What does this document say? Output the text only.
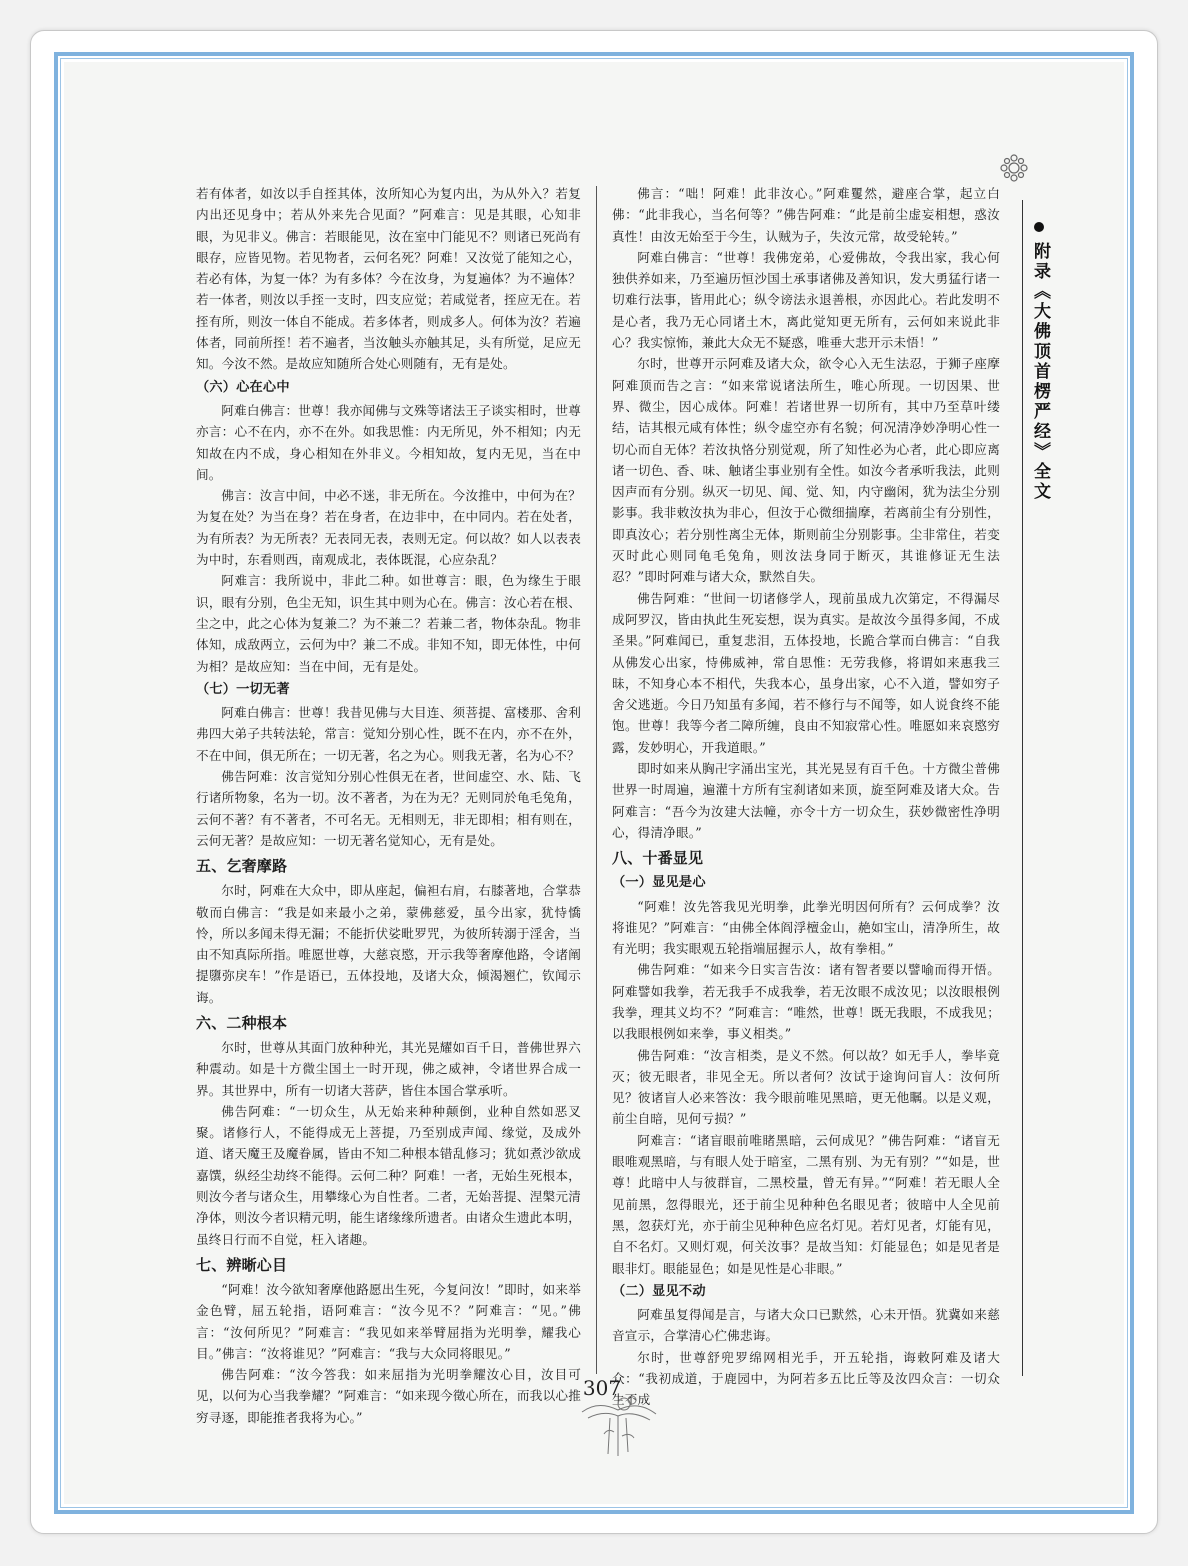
若有体者，如汝以手自挃其体，汝所知心为复内出，为从外入？若复内出还见身中；若从外来先合见面？”阿难言：见是其眼，心知非眼，为见非义。佛言：若眼能见，汝在室中门能见不？则诸已死尚有眼存，应皆见物。若见物者，云何名死？阿难！又汝觉了能知之心，若必有体，为复一体？为有多体？今在汝身，为复遍体？为不遍体？若一体者，则汝以手挃一支时，四支应觉；若咸觉者，挃应无在。若挃有所，则汝一体自不能成。若多体者，则成多人。何体为汝？若遍体者，同前所挃！若不遍者，当汝触头亦触其足，头有所觉，足应无知。今汝不然。是故应知随所合处心则随有，无有是处。

（六）心在心中

阿难白佛言：世尊！我亦闻佛与文殊等诸法王子谈实相时，世尊亦言：心不在内，亦不在外。如我思惟：内无所见，外不相知；内无知故在内不成，身心相知在外非义。今相知故，复内无见，当在中间。

佛言：汝言中间，中必不迷，非无所在。今汝推中，中何为在？为复在处？为当在身？若在身者，在边非中，在中同内。若在处者，为有所表？为无所表？无表同无表，表则无定。何以故？如人以表表为中时，东看则西，南观成北，表体既混，心应杂乱？

阿难言：我所说中，非此二种。如世尊言：眼，色为缘生于眼识，眼有分别，色尘无知，识生其中则为心在。佛言：汝心若在根、尘之中，此之心体为复兼二？为不兼二？若兼二者，物体杂乱。物非体知，成敌两立，云何为中？兼二不成。非知不知，即无体性，中何为相？是故应知：当在中间，无有是处。

（七）一切无著

阿难白佛言：世尊！我昔见佛与大目连、须菩提、富楼那、舍利弗四大弟子共转法轮，常言：觉知分别心性，既不在内，亦不在外，不在中间，俱无所在；一切无著，名之为心。则我无著，名为心不？

佛告阿难：汝言觉知分别心性俱无在者，世间虚空、水、陆、飞行诸所物象，名为一切。汝不著者，为在为无？无则同於龟毛兔角，云何不著？有不著者，不可名无。无相则无，非无即相；相有则在，云何无著？是故应知：一切无著名觉知心，无有是处。

五、乞奢摩路

尔时，阿难在大众中，即从座起，偏袒右肩，右膝著地，合掌恭敬而白佛言：“我是如来最小之弟，蒙佛慈爱，虽今出家，犹恃憍怜，所以多闻未得无漏；不能折伏娑毗罗咒，为彼所转溺于淫舍，当由不知真际所指。唯愿世尊，大慈哀愍，开示我等奢摩他路，令诸阐提隳弥戾车！”作是语已，五体投地，及诸大众，倾渴翘伫，钦闻示诲。

六、二种根本

尔时，世尊从其面门放种种光，其光晃耀如百千日，普佛世界六种震动。如是十方微尘国土一时开现，佛之威神，令诸世界合成一界。其世界中，所有一切诸大菩萨，皆住本国合掌承听。

佛告阿难：“一切众生，从无始来种种颠倒，业种自然如恶叉聚。诸修行人，不能得成无上菩提，乃至别成声闻、缘觉，及成外道、诸天魔王及魔眷属，皆由不知二种根本错乱修习；犹如煮沙欲成嘉馔，纵经尘劫终不能得。云何二种？阿难！一者，无始生死根本，则汝今者与诸众生，用攀缘心为自性者。二者，无始菩提、涅槃元清净体，则汝今者识精元明，能生诸缘缘所遗者。由诸众生遗此本明，虽终日行而不自觉，枉入诸趣。

七、辨晰心目

“阿难！汝今欲知奢摩他路愿出生死，今复问汝！”即时，如来举金色臂，屈五轮指，语阿难言：“汝今见不？”阿难言：“见。”佛言：“汝何所见？”阿难言：“我见如来举臂屈指为光明拳，耀我心目。”佛言：“汝将谁见？”阿难言：“我与大众同将眼见。”

佛告阿难：“汝今答我：如来屈指为光明拳耀汝心目，汝目可见，以何为心当我拳耀？”阿难言：“如来现今徵心所在，而我以心推穷寻逐，即能推者我将为心。”

佛言：“咄！阿难！此非汝心。”阿难矍然，避座合掌，起立白佛：“此非我心，当名何等？”佛告阿难：“此是前尘虚妄相想，惑汝真性！由汝无始至于今生，认贼为子，失汝元常，故受轮转。”

阿难白佛言：“世尊！我佛宠弟，心爱佛故，令我出家，我心何独供养如来，乃至遍历恒沙国土承事诸佛及善知识，发大勇猛行诸一切难行法事，皆用此心；纵令谤法永退善根，亦因此心。若此发明不是心者，我乃无心同诸土木，离此觉知更无所有，云何如来说此非心？我实惊怖，兼此大众无不疑惑，唯垂大悲开示未悟！”

尔时，世尊开示阿难及诸大众，欲令心入无生法忍，于狮子座摩阿难顶而告之言：“如来常说诸法所生，唯心所现。一切因果、世界、微尘，因心成体。阿难！若诸世界一切所有，其中乃至草叶缕结，诘其根元咸有体性；纵令虚空亦有名貌；何况清净妙净明心性一切心而自无体？若汝执恪分别觉观，所了知性必为心者，此心即应离诸一切色、香、味、触诸尘事业别有全性。如汝今者承听我法，此则因声而有分别。纵灭一切见、闻、觉、知，内守幽闲，犹为法尘分别影事。我非敕汝执为非心，但汝于心微细揣摩，若离前尘有分别性，即真汝心；若分别性离尘无体，斯则前尘分别影事。尘非常住，若变灭时此心则同龟毛兔角，则汝法身同于断灭，其谁修证无生法忍？”即时阿难与诸大众，默然自失。

佛告阿难：“世间一切诸修学人，现前虽成九次第定，不得漏尽成阿罗汉，皆由执此生死妄想，误为真实。是故汝今虽得多闻，不成圣果。”阿难闻已，重复悲泪，五体投地，长跪合掌而白佛言：“自我从佛发心出家，恃佛威神，常自思惟：无劳我修，将谓如来惠我三昧，不知身心本不相代，失我本心，虽身出家，心不入道，譬如穷子舍父逃逝。今日乃知虽有多闻，若不修行与不闻等，如人说食终不能饱。世尊！我等今者二障所缠，良由不知寂常心性。唯愿如来哀愍穷露，发妙明心，开我道眼。”

即时如来从胸卍字涌出宝光，其光晃昱有百千色。十方微尘普佛世界一时周遍，遍灌十方所有宝刹诸如来顶，旋至阿难及诸大众。告阿难言：“吾今为汝建大法幢，亦令十方一切众生，获妙微密性净明心，得清净眼。”

八、十番显见
（一）显见是心

“阿难！汝先答我见光明拳，此拳光明因何所有？云何成拳？汝将谁见？”阿难言：“由佛全体阎浮檀金山，赩如宝山，清净所生，故有光明；我实眼观五轮指端屈握示人，故有拳相。”

佛告阿难：“如来今日实言告汝：诸有智者要以譬喻而得开悟。阿难譬如我拳，若无我手不成我拳，若无汝眼不成汝见；以汝眼根例我拳，理其义均不？”阿难言：“唯然，世尊！既无我眼，不成我见；以我眼根例如来拳，事义相类。”

佛告阿难：“汝言相类，是义不然。何以故？如无手人，拳毕竟灭；彼无眼者，非见全无。所以者何？汝试于途询问盲人：汝何所见？彼诸盲人必来答汝：我今眼前唯见黑暗，更无他瞩。以是义观，前尘自暗，见何亏损？”

阿难言：“诸盲眼前唯睹黑暗，云何成见？”佛告阿难：“诸盲无眼唯观黑暗，与有眼人处于暗室，二黑有别、为无有别？”“如是，世尊！此暗中人与彼群盲，二黑校量，曾无有异。”“阿难！若无眼人全见前黑，忽得眼光，还于前尘见种种色名眼见者；彼暗中人全见前黑，忽获灯光，亦于前尘见种种色应名灯见。若灯见者，灯能有见，自不名灯。又则灯观，何关汝事？是故当知：灯能显色；如是见者是眼非灯。眼能显色；如是见性是心非眼。”

（二）显见不动

阿难虽复得闻是言，与诸大众口已默然，心未开悟。犹冀如来慈音宣示，合掌清心伫佛悲诲。

尔时，世尊舒兜罗绵网相光手，开五轮指，诲敕阿难及诸大众：“我初成道，于鹿园中，为阿若多五比丘等及汝四众言：一切众生不成

附录《大佛顶首楞严经》全文
307
